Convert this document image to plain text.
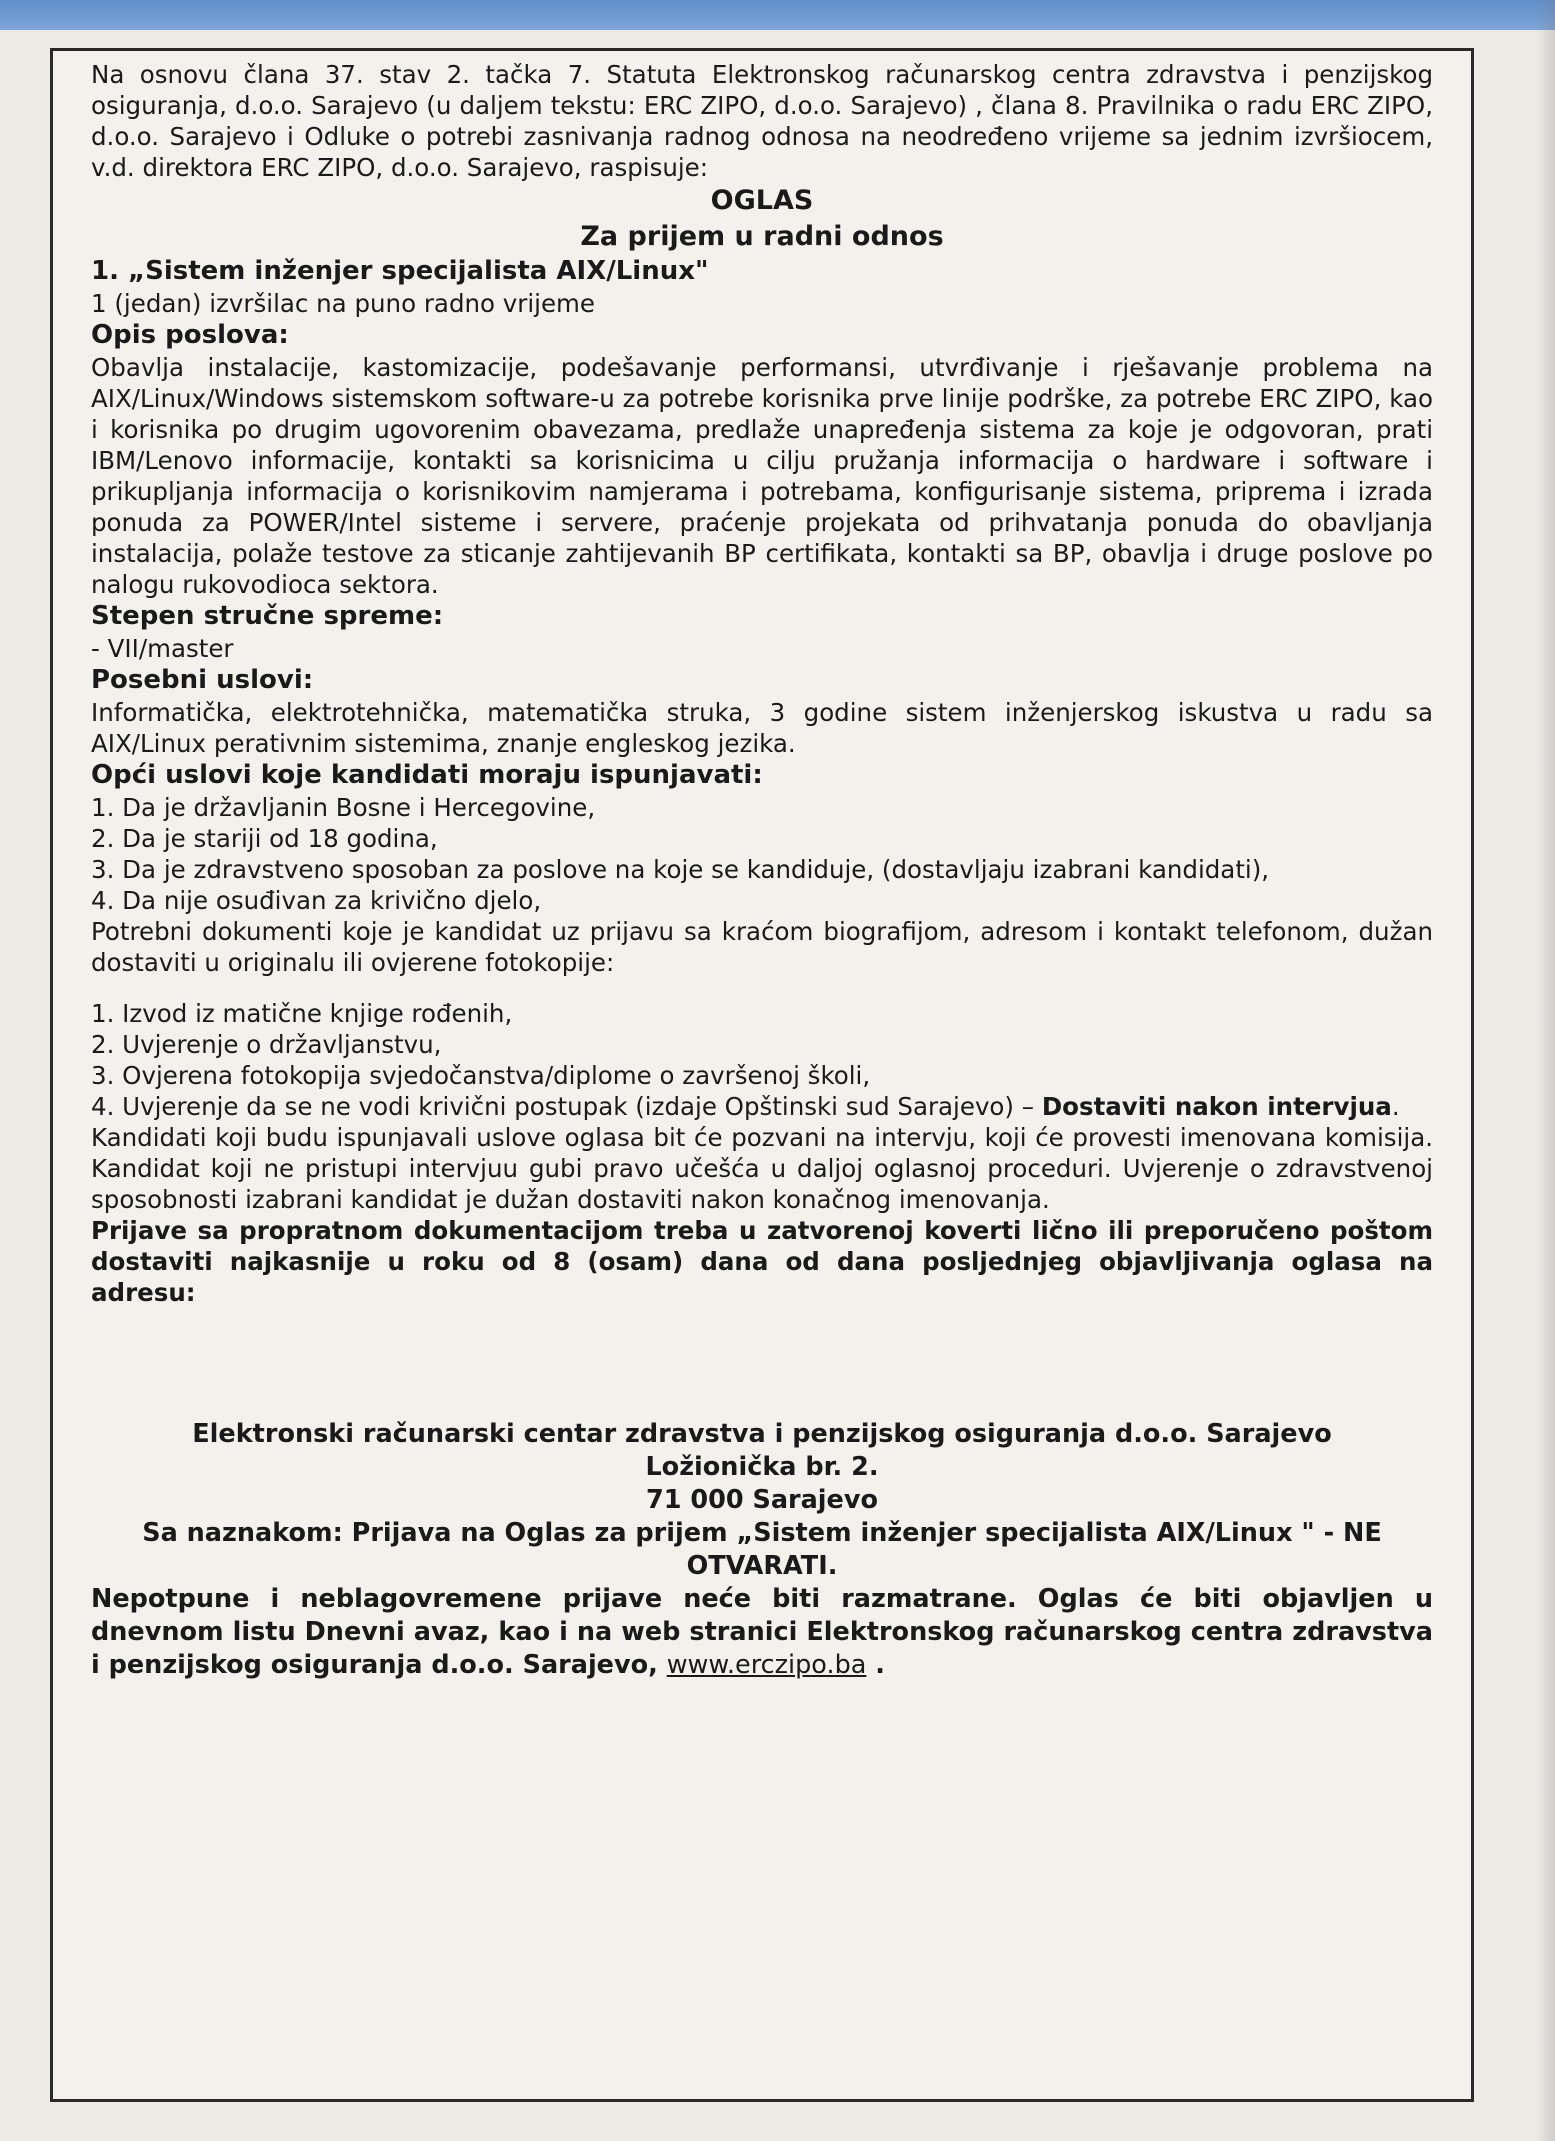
Na osnovu člana 37. stav 2. tačka 7. Statuta Elektronskog računarskog centra zdravstva i penzijskog osiguranja, d.o.o. Sarajevo (u daljem tekstu: ERC ZIPO, d.o.o. Sarajevo) , člana 8. Pravilnika o radu ERC ZIPO, d.o.o. Sarajevo i Odluke o potrebi zasnivanja radnog odnosa na neodređeno vrijeme sa jednim izvršiocem, v.d. direktora ERC ZIPO, d.o.o. Sarajevo, raspisuje:

OGLAS

Za prijem u radni odnos

1. „Sistem inženjer specijalista AIX/Linux"

1 (jedan) izvršilac na puno radno vrijeme

Opis poslova:

Obavlja instalacije, kastomizacije, podešavanje performansi, utvrđivanje i rješavanje problema na AIX/Linux/Windows sistemskom software-u za potrebe korisnika prve linije podrške, za potrebe ERC ZIPO, kao i korisnika po drugim ugovorenim obavezama, predlaže unapređenja sistema za koje je odgovoran, prati IBM/Lenovo informacije, kontakti sa korisnicima u cilju pružanja informacija o hardware i software i prikupljanja informacija o korisnikovim namjerama i potrebama, konfigurisanje sistema, priprema i izrada ponuda za POWER/Intel sisteme i servere, praćenje projekata od prihvatanja ponuda do obavljanja instalacija, polaže testove za sticanje zahtijevanih BP certifikata, kontakti sa BP, obavlja i druge poslove po nalogu rukovodioca sektora.

Stepen stručne spreme:

- VII/master

Posebni uslovi:

Informatička, elektrotehnička, matematička struka, 3 godine sistem inženjerskog iskustva u radu sa AIX/Linux perativnim sistemima, znanje engleskog jezika.

Opći uslovi koje kandidati moraju ispunjavati:

1. Da je državljanin Bosne i Hercegovine,

2. Da je stariji od 18 godina,

3. Da je zdravstveno sposoban za poslove na koje se kandiduje, (dostavljaju izabrani kandidati),

4. Da nije osuđivan za krivično djelo,

Potrebni dokumenti koje je kandidat uz prijavu sa kraćom biografijom, adresom i kontakt telefonom, dužan dostaviti u originalu ili ovjerene fotokopije:

1. Izvod iz matične knjige rođenih,

2. Uvjerenje o državljanstvu,

3. Ovjerena fotokopija svjedočanstva/diplome o završenoj školi,

4. Uvjerenje da se ne vodi krivični postupak (izdaje Opštinski sud Sarajevo) – Dostaviti nakon intervjua.

Kandidati koji budu ispunjavali uslove oglasa bit će pozvani na intervju, koji će provesti imenovana komisija. Kandidat koji ne pristupi intervjuu gubi pravo učešća u daljoj oglasnoj proceduri. Uvjerenje o zdravstvenoj sposobnosti izabrani kandidat je dužan dostaviti nakon konačnog imenovanja.

Prijave sa propratnom dokumentacijom treba u zatvorenoj koverti lično ili preporučeno poštom dostaviti najkasnije u roku od 8 (osam) dana od dana posljednjeg objavljivanja oglasa na adresu:

Elektronski računarski centar zdravstva i penzijskog osiguranja d.o.o. Sarajevo

Ložionička br. 2.

71 000 Sarajevo

Sa naznakom: Prijava na Oglas za prijem „Sistem inženjer specijalista AIX/Linux " - NE OTVARATI.

Nepotpune i neblagovremene prijave neće biti razmatrane. Oglas će biti objavljen u dnevnom listu Dnevni avaz, kao i na web stranici Elektronskog računarskog centra zdravstva i penzijskog osiguranja d.o.o. Sarajevo, www.erczipo.ba .
